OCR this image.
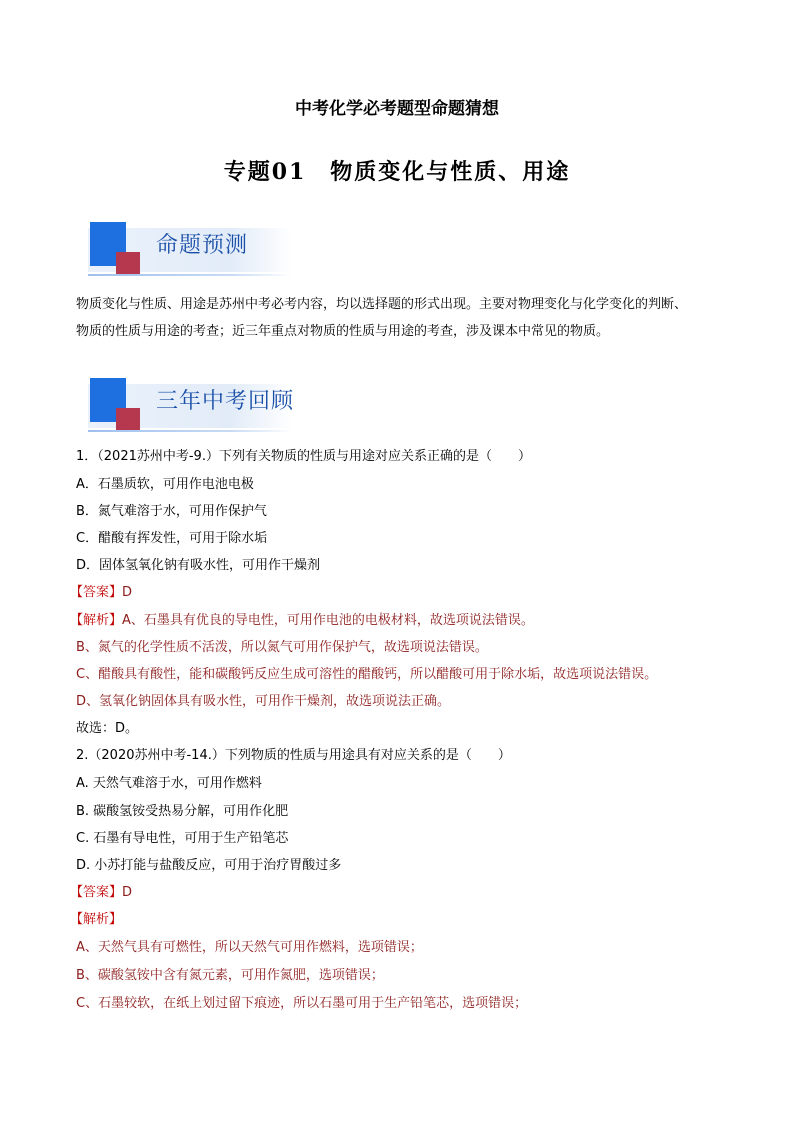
中考化学必考题型命题猜想
专题01　物质变化与性质、用途
命题预测
物质变化与性质、用途是苏州中考必考内容，均以选择题的形式出现。主要对物理变化与化学变化的判断、
物质的性质与用途的考查；近三年重点对物质的性质与用途的考查，涉及课本中常见的物质。
三年中考回顾
1．（2021苏州中考-9.）下列有关物质的性质与用途对应关系正确的是（　　）
A．石墨质软，可用作电池电极
B．氮气难溶于水，可用作保护气
C．醋酸有挥发性，可用于除水垢
D．固体氢氧化钠有吸水性，可用作干燥剂
【答案】D
【解析】A、石墨具有优良的导电性，可用作电池的电极材料，故选项说法错误。
B、氮气的化学性质不活泼，所以氮气可用作保护气，故选项说法错误。
C、醋酸具有酸性，能和碳酸钙反应生成可溶性的醋酸钙，所以醋酸可用于除水垢，故选项说法错误。
D、氢氧化钠固体具有吸水性，可用作干燥剂，故选项说法正确。
故选：D。
2.（2020苏州中考-14.）下列物质的性质与用途具有对应关系的是（　　）
A. 天然气难溶于水，可用作燃料
B. 碳酸氢铵受热易分解，可用作化肥
C. 石墨有导电性，可用于生产铅笔芯
D. 小苏打能与盐酸反应，可用于治疗胃酸过多
【答案】D
【解析】
A、天然气具有可燃性，所以天然气可用作燃料，选项错误；
B、碳酸氢铵中含有氮元素，可用作氮肥，选项错误；
C、石墨较软，在纸上划过留下痕迹，所以石墨可用于生产铅笔芯，选项错误；
